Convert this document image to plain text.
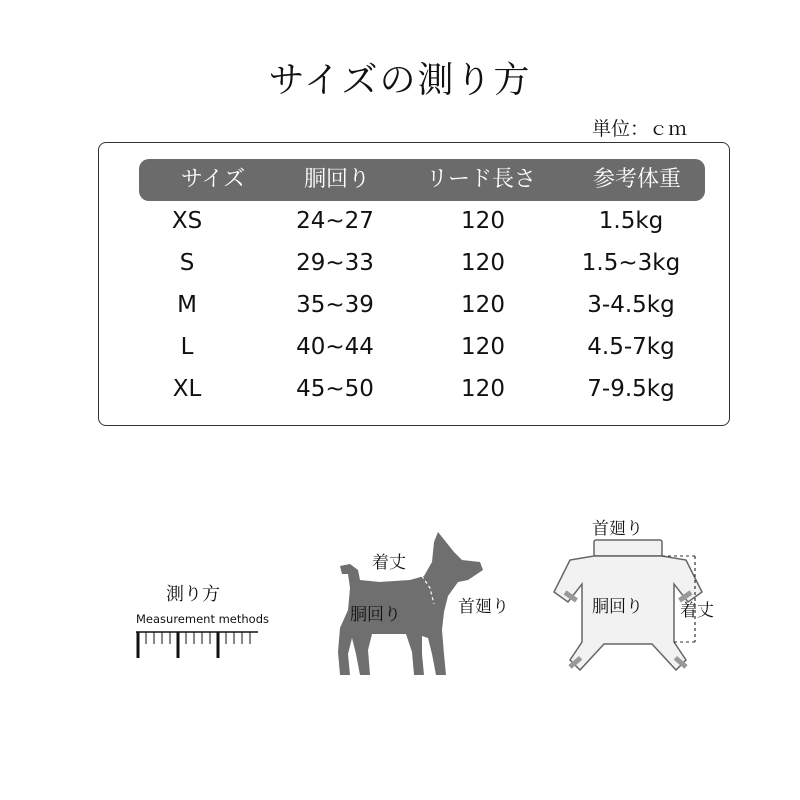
サイズの測り方
単位：ｃｍ
サイズ	胴回り	リード長さ	参考体重
XS	24~27	120	1.5kg
S	29~33	120	1.5~3kg
M	35~39	120	3-4.5kg
L	40~44	120	4.5-7kg
XL	45~50	120	7-9.5kg
測り方
Measurement methods
着丈
胴回り	首廻り
首廻り
胴回り 着丈
